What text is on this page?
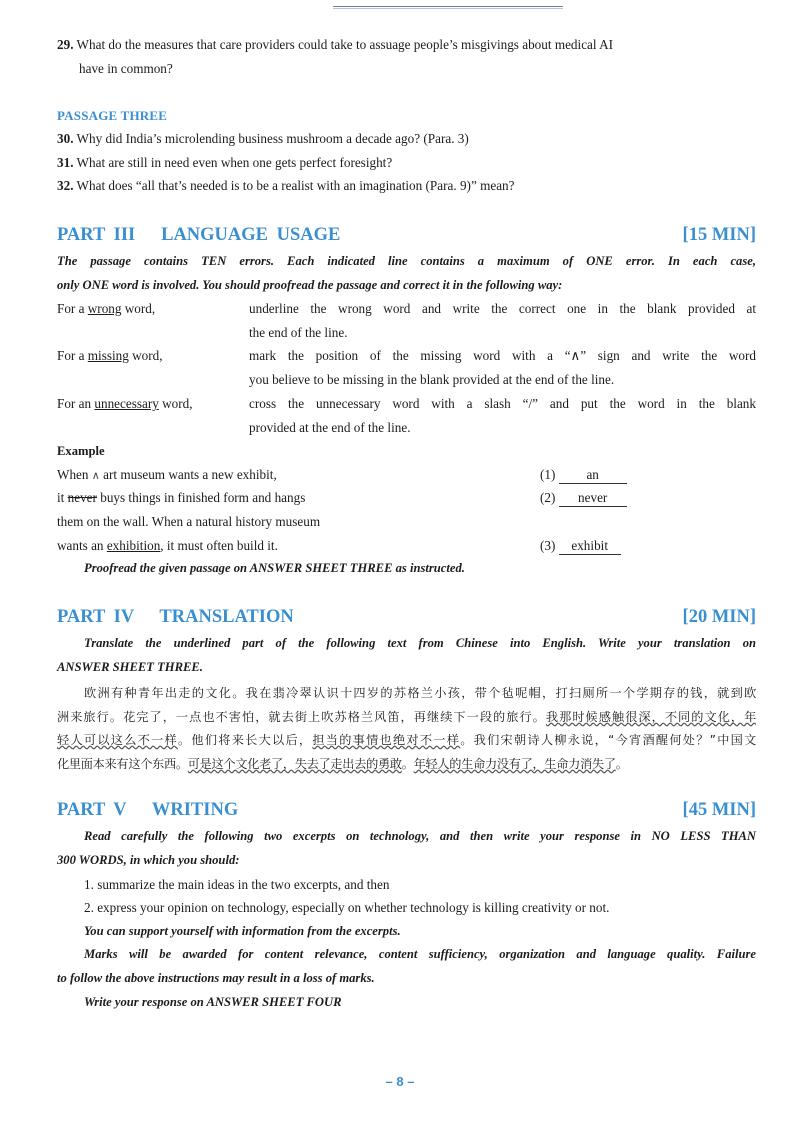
29. What do the measures that care providers could take to assuage people’s misgivings about medical AI
have in common?
PASSAGE THREE
30. Why did India’s microlending business mushroom a decade ago? (Para. 3)
31. What are still in need even when one gets perfect foresight?
32. What does “all that’s needed is to be a realist with an imagination (Para. 9)” mean?
PART III   LANGUAGE USAGE	[15 MIN]
The passage contains TEN errors. Each indicated line contains a maximum of ONE error. In each case,
only ONE word is involved. You should proofread the passage and correct it in the following way:
For a wrong word,	underline the wrong word and write the correct one in the blank provided at
the end of the line.
For a missing word,	mark the position of the missing word with a “∧” sign and write the word
you believe to be missing in the blank provided at the end of the line.
For an unnecessary word,	cross the unnecessary word with a slash “/” and put the word in the blank
provided at the end of the line.
Example
When ∧ art museum wants a new exhibit,	(1) an
it never buys things in finished form and hangs	(2) never
them on the wall. When a natural history museum
wants an exhibition, it must often build it.	(3) exhibit
Proofread the given passage on ANSWER SHEET THREE as instructed.
PART IV   TRANSLATION	[20 MIN]
Translate the underlined part of the following text from Chinese into English. Write your translation on
ANSWER SHEET THREE.
欧洲有种青年出走的文化。我在翡冷翠认识十四岁的苏格兰小孩，带个毡呢帽，打扫厕所一个学期存的钱，就到欧
洲来旅行。花完了，一点也不害怕，就去街上吹苏格兰风笛，再继续下一段的旅行。我那时候感触很深，不同的文化，年
轻人可以这么不一样。他们将来长大以后，担当的事情也绝对不一样。我们宋朝诗人柳永说，“今宵酒醒何处？”中国文
化里面本来有这个东西。可是这个文化老了，失去了走出去的勇敢。年轻人的生命力没有了，生命力消失了。
PART V   WRITING	[45 MIN]
Read carefully the following two excerpts on technology, and then write your response in NO LESS THAN
300 WORDS, in which you should:
1. summarize the main ideas in the two excerpts, and then
2. express your opinion on technology, especially on whether technology is killing creativity or not.
You can support yourself with information from the excerpts.
Marks will be awarded for content relevance, content sufficiency, organization and language quality. Failure
to follow the above instructions may result in a loss of marks.
Write your response on ANSWER SHEET FOUR
– 8 –
